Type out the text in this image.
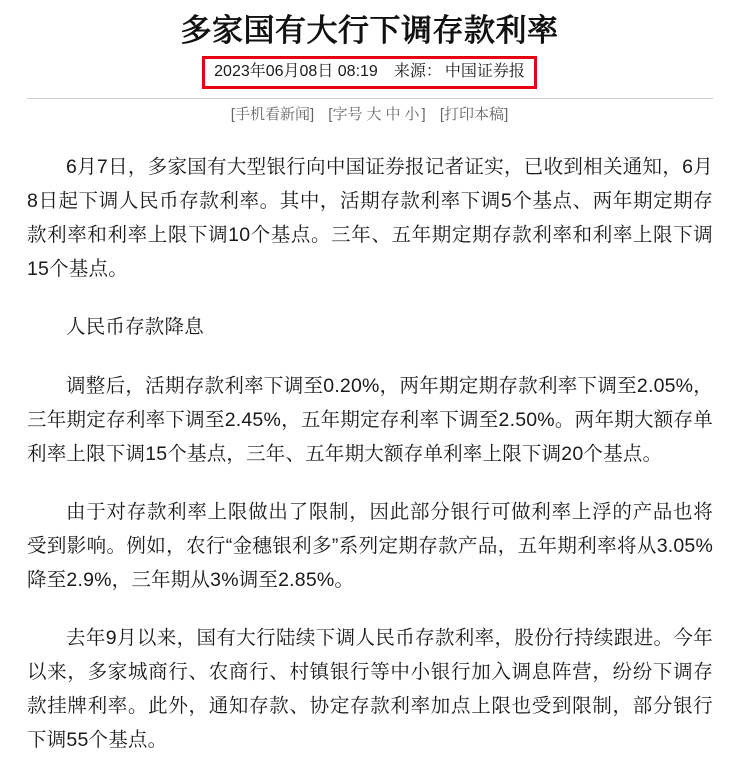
多家国有大行下调存款利率
2023年06月08日 08:19 来源： 中国证券报
[手机看新闻] [字号 大 中 小 ] [打印本稿]

6月7日，多家国有大型银行向中国证券报记者证实，已收到相关通知，6月8日起下调人民币存款利率。其中，活期存款利率下调5个基点、两年期定期存款利率和利率上限下调10个基点。三年、五年期定期存款利率和利率上限下调15个基点。

人民币存款降息

调整后，活期存款利率下调至0.20%，两年期定期存款利率下调至2.05%，三年期定存利率下调至2.45%，五年期定存利率下调至2.50%。两年期大额存单利率上限下调15个基点，三年、五年期大额存单利率上限下调20个基点。

由于对存款利率上限做出了限制，因此部分银行可做利率上浮的产品也将受到影响。例如，农行“金穗银利多”系列定期存款产品，五年期利率将从3.05%降至2.9%，三年期从3%调至2.85%。

去年9月以来，国有大行陆续下调人民币存款利率，股份行持续跟进。今年以来，多家城商行、农商行、村镇银行等中小银行加入调息阵营，纷纷下调存款挂牌利率。此外，通知存款、协定存款利率加点上限也受到限制，部分银行下调55个基点。
